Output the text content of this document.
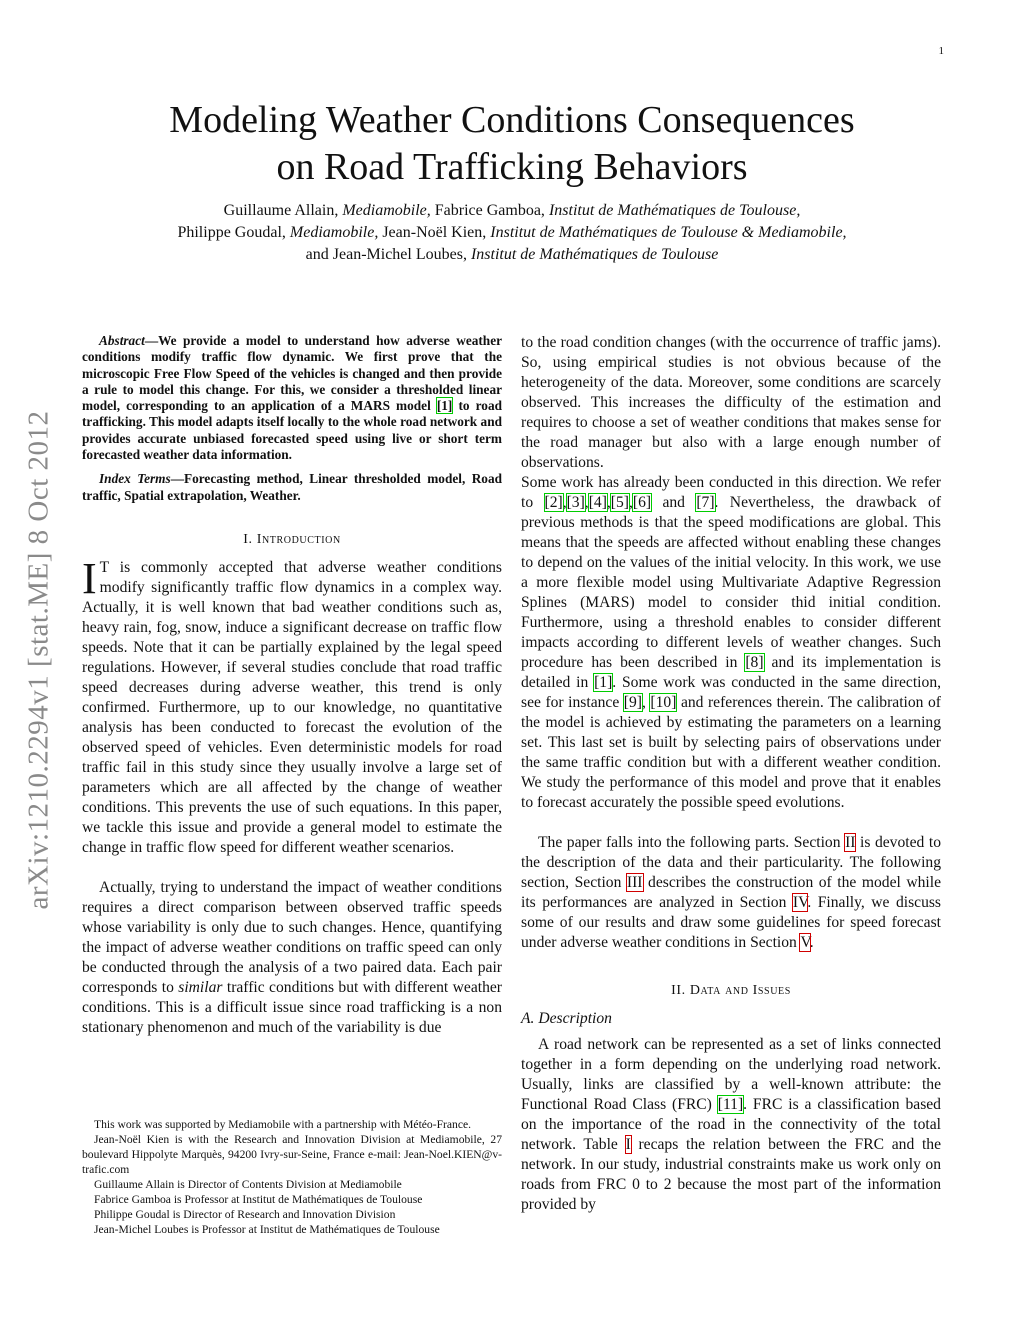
1
arXiv:1210.2294v1 [stat.ME] 8 Oct 2012
Modeling Weather Conditions Consequences
on Road Trafficking Behaviors
Guillaume Allain, Mediamobile, Fabrice Gamboa, Institut de Mathématiques de Toulouse,
Philippe Goudal, Mediamobile, Jean-Noël Kien, Institut de Mathématiques de Toulouse & Mediamobile,
and Jean-Michel Loubes, Institut de Mathématiques de Toulouse

Abstract—We provide a model to understand how adverse weather conditions modify traffic flow dynamic. We first prove that the microscopic Free Flow Speed of the vehicles is changed and then provide a rule to model this change. For this, we consider a thresholded linear model, corresponding to an application of a MARS model [1] to road trafficking. This model adapts itself locally to the whole road network and provides accurate unbiased forecasted speed using live or short term forecasted weather data information.

Index Terms—Forecasting method, Linear thresholded model, Road traffic, Spatial extrapolation, Weather.

I. Introduction

I T is commonly accepted that adverse weather conditions modify significantly traffic flow dynamics in a complex way. Actually, it is well known that bad weather conditions such as, heavy rain, fog, snow, induce a significant decrease on traffic flow speeds. Note that it can be partially explained by the legal speed regulations. However, if several studies conclude that road traffic speed decreases during adverse weather, this trend is only confirmed. Furthermore, up to our knowledge, no quantitative analysis has been conducted to forecast the evolution of the observed speed of vehicles. Even deterministic models for road traffic fail in this study since they usually involve a large set of parameters which are all affected by the change of weather conditions. This prevents the use of such equations. In this paper, we tackle this issue and provide a general model to estimate the change in traffic flow speed for different weather scenarios.

Actually, trying to understand the impact of weather conditions requires a direct comparison between observed traffic speeds whose variability is only due to such changes. Hence, quantifying the impact of adverse weather conditions on traffic speed can only be conducted through the analysis of a two paired data. Each pair corresponds to similar traffic conditions but with different weather conditions. This is a difficult issue since road trafficking is a non stationary phenomenon and much of the variability is due

This work was supported by Mediamobile with a partnership with Météo-France.

Jean-Noël Kien is with the Research and Innovation Division at Mediamobile, 27 boulevard Hippolyte Marquès, 94200 Ivry-sur-Seine, France e-mail: Jean-Noel.KIEN@v-trafic.com

Guillaume Allain is Director of Contents Division at Mediamobile

Fabrice Gamboa is Professor at Institut de Mathématiques de Toulouse

Philippe Goudal is Director of Research and Innovation Division

Jean-Michel Loubes is Professor at Institut de Mathématiques de Toulouse

to the road condition changes (with the occurrence of traffic jams). So, using empirical studies is not obvious because of the heterogeneity of the data. Moreover, some conditions are scarcely observed. This increases the difficulty of the estimation and requires to choose a set of weather conditions that makes sense for the road manager but also with a large enough number of observations.

Some work has already been conducted in this direction. We refer to [2],[3],[4],[5],[6] and [7]. Nevertheless, the drawback of previous methods is that the speed modifications are global. This means that the speeds are affected without enabling these changes to depend on the values of the initial velocity. In this work, we use a more flexible model using Multivariate Adaptive Regression Splines (MARS) model to consider thid initial condition. Furthermore, using a threshold enables to consider different impacts according to different levels of weather changes. Such procedure has been described in [8] and its implementation is detailed in [1]. Some work was conducted in the same direction, see for instance [9], [10] and references therein. The calibration of the model is achieved by estimating the parameters on a learning set. This last set is built by selecting pairs of observations under the same traffic condition but with a different weather condition. We study the performance of this model and prove that it enables to forecast accurately the possible speed evolutions.

The paper falls into the following parts. Section II is devoted to the description of the data and their particularity. The following section, Section III describes the construction of the model while its performances are analyzed in Section IV. Finally, we discuss some of our results and draw some guidelines for speed forecast under adverse weather conditions in Section V.

II. Data and Issues
A. Description

A road network can be represented as a set of links connected together in a form depending on the underlying road network. Usually, links are classified by a well-known attribute: the Functional Road Class (FRC) [11]. FRC is a classification based on the importance of the road in the connectivity of the total network. Table I recaps the relation between the FRC and the network. In our study, industrial constraints make us work only on roads from FRC 0 to 2 because the most part of the information provided by
